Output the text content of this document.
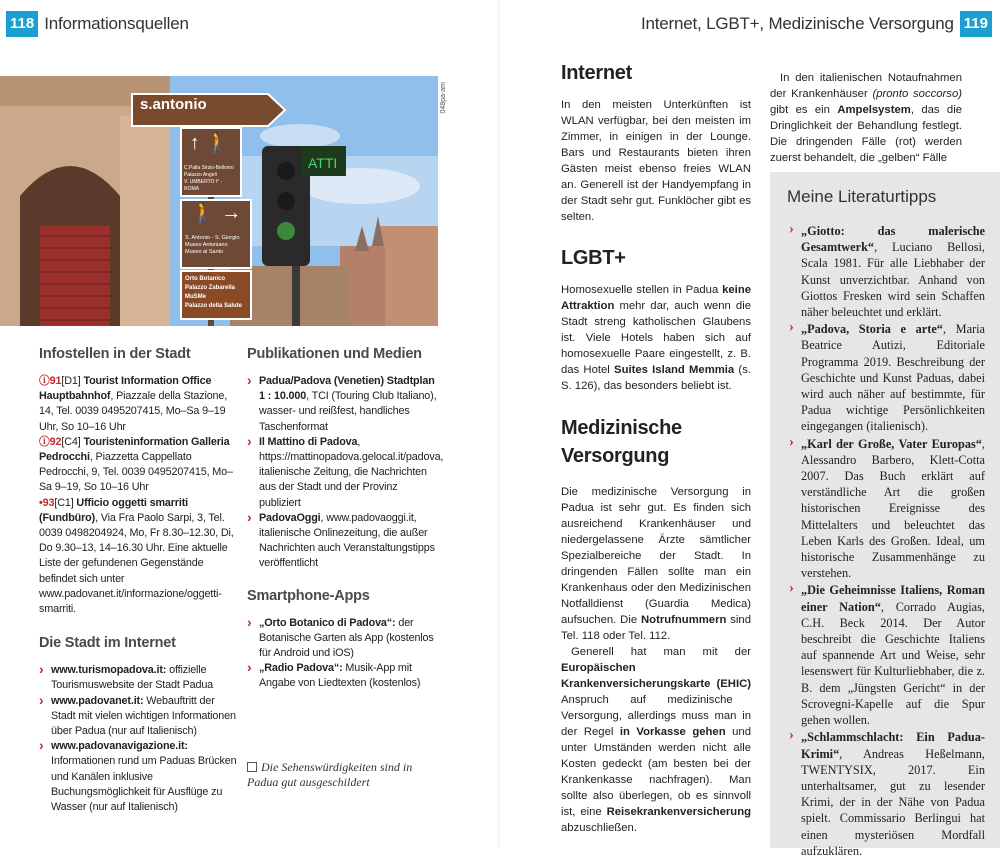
118 Informationsquellen
ATTI
048pa-am
s.antonio
C.Palla Sirzio-Bellomo
Palazzo Angeli
V. UMBERTO I° - ROMA
↑ 🚶
S. Antonio - S. Giorgio
Museo Antoniano
Museo al Santo
🚶 →
Orto Botanico
Palazzo Zabarella
MuSMe
Palazzo della Salute
Infostellen in der Stadt
ⓘ91[D1] Tourist Information Office Hauptbahnhof, Piazzale della Stazione, 14, Tel. 0039 0495207415, Mo–Sa 9–19 Uhr, So 10–16 Uhr
ⓘ92[C4] Touristeninformation Galleria Pedrocchi, Piazzetta Cappellato Pedrocchi, 9, Tel. 0039 0495207415, Mo–Sa 9–19, So 10–16 Uhr
•93[C1] Ufficio oggetti smarriti (Fundbüro), Via Fra Paolo Sarpi, 3, Tel. 0039 0498204924, Mo, Fr 8.30–12.30, Di, Do 9.30–13, 14–16.30 Uhr. Eine aktuelle Liste der gefundenen Gegenstände befindet sich unter www.padovanet.it/informazione/oggetti-smarriti.
Die Stadt im Internet
› www.turismopadova.it: offizielle Tourismuswebsite der Stadt Padua
› www.padovanet.it: Webauftritt der Stadt mit vielen wichtigen Informationen über Padua (nur auf Italienisch)
› www.padovanavigazione.it: Informationen rund um Paduas Brücken und Kanälen inklusive Buchungsmöglichkeit für Ausflüge zu Wasser (nur auf Italienisch)
Publikationen und Medien
› Padua/Padova (Venetien) Stadtplan 1 : 10.000, TCI (Touring Club Italiano), wasser- und reißfest, handliches Taschenformat
› Il Mattino di Padova, https://mattinopadova.gelocal.it/padova, italienische Zeitung, die Nachrichten aus der Stadt und der Provinz publiziert
› PadovaOggi, www.padovaoggi.it, italienische Onlinezeitung, die außer Nachrichten auch Veranstaltungstipps veröffentlicht
Smartphone-Apps
› „Orto Botanico di Padova“: der Botanische Garten als App (kostenlos für Android und iOS)
› „Radio Padova“: Musik-App mit Angabe von Liedtexten (kostenlos)
Die Sehenswürdigkeiten sind in Padua gut ausgeschildert
Internet, LGBT+, Medizinische Versorgung 119
Internet
In den meisten Unterkünften ist WLAN verfügbar, bei den meisten im Zimmer, in einigen in der Lounge. Bars und Restaurants bieten ihren Gästen meist ebenso freies WLAN an. Generell ist der Handyempfang in der Stadt sehr gut. Funklöcher gibt es selten.
LGBT+
Homosexuelle stellen in Padua keine Attraktion mehr dar, auch wenn die Stadt streng katholischen Glaubens ist. Viele Hotels haben sich auf homosexuelle Paare eingestellt, z. B. das Hotel Suites Island Memmia (s. S. 126), das besonders beliebt ist.
Medizinische
Versorgung
Die medizinische Versorgung in Padua ist sehr gut. Es finden sich ausreichend Krankenhäuser und niedergelassene Ärzte sämtlicher Spezialbereiche der Stadt. In dringenden Fällen sollte man ein Krankenhaus oder den Medizinischen Notfalldienst (Guardia Medica) aufsuchen. Die Notrufnummern sind Tel. 118 oder Tel. 112.
Generell hat man mit der Europäischen Krankenversicherungskarte (EHIC) Anspruch auf medizinische Versorgung, allerdings muss man in der Regel in Vorkasse gehen und unter Umständen werden nicht alle Kosten gedeckt (am besten bei der Krankenkasse nachfragen). Man sollte also überlegen, ob es sinnvoll ist, eine Reisekrankenversicherung abzuschließen.
In den italienischen Notaufnahmen der Krankenhäuser (pronto soccorso) gibt es ein Ampelsystem, das die Dringlichkeit der Behandlung festlegt. Die dringenden Fälle (rot) werden zuerst behandelt, die „gelben“ Fälle
Meine Literaturtipps
› „Giotto: das malerische Gesamtwerk“, Luciano Bellosi, Scala 1981. Für alle Liebhaber der Kunst unverzichtbar. Anhand von Giottos Fresken wird sein Schaffen näher beleuchtet und erklärt.
› „Padova, Storia e arte“, Maria Beatrice Autizi, Editoriale Programma 2019. Beschreibung der Geschichte und Kunst Paduas, dabei wird auch näher auf bestimmte, für Padua wichtige Persönlichkeiten eingegangen (italienisch).
› „Karl der Große, Vater Europas“, Alessandro Barbero, Klett-Cotta 2007. Das Buch erklärt auf verständliche Art die großen historischen Ereignisse des Mittelalters und beleuchtet das Leben Karls des Großen. Ideal, um historische Zusammenhänge zu verstehen.
› „Die Geheimnisse Italiens, Roman einer Nation“, Corrado Augias, C.H. Beck 2014. Der Autor beschreibt die Geschichte Italiens auf spannende Art und Weise, sehr lesenswert für Kulturliebhaber, die z. B. dem „Jüngsten Gericht“ in der Scrovegni-Kapelle auf die Spur gehen wollen.
› „Schlammschlacht: Ein Padua-Krimi“, Andreas Heßelmann, TWENTYSIX, 2017. Ein unterhaltsamer, gut zu lesender Krimi, der in der Nähe von Padua spielt. Commissario Berlingui hat einen mysteriösen Mordfall aufzuklären.
